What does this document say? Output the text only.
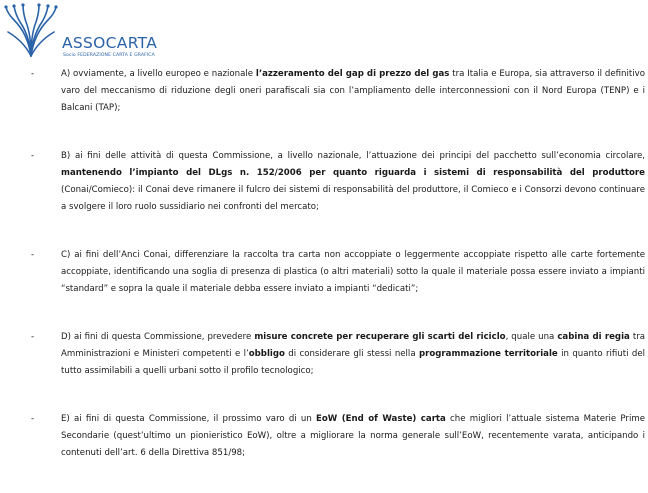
ASSOCARTA
Socio FEDERAZIONE CARTA E GRAFICA
-	A) ovviamente, a livello europeo e nazionale l’azzeramento del gap di prezzo del gas tra Italia e Europa, sia attraverso il definitivo varo del meccanismo di riduzione degli oneri parafiscali sia con l’ampliamento delle interconnessioni con il Nord Europa (TENP) e i Balcani (TAP);
-	B) ai fini delle attività di questa Commissione, a livello nazionale, l’attuazione dei principi del pacchetto sull’economia circolare, mantenendo l’impianto del DLgs n. 152/2006 per quanto riguarda i sistemi di responsabilità del produttore (Conai/Comieco): il Conai deve rimanere il fulcro dei sistemi di responsabilità del produttore, il Comieco e i Consorzi devono continuare a svolgere il loro ruolo sussidiario nei confronti del mercato;
-	C) ai fini dell’Anci Conai, differenziare la raccolta tra carta non accoppiate o leggermente accoppiate rispetto alle carte fortemente accoppiate, identificando una soglia di presenza di plastica (o altri materiali) sotto la quale il materiale possa essere inviato a impianti “standard” e sopra la quale il materiale debba essere inviato a impianti “dedicati”;
-	D) ai fini di questa Commissione, prevedere misure concrete per recuperare gli scarti del riciclo, quale una cabina di regia tra Amministrazioni e Ministeri competenti e l’obbligo di considerare gli stessi nella programmazione territoriale in quanto rifiuti del tutto assimilabili a quelli urbani sotto il profilo tecnologico;
-	E) ai fini di questa Commissione, il prossimo varo di un EoW (End of Waste) carta che migliori l’attuale sistema Materie Prime Secondarie (quest’ultimo un pionieristico EoW), oltre a migliorare la norma generale sull’EoW, recentemente varata, anticipando i contenuti dell’art. 6 della Direttiva 851/98;
